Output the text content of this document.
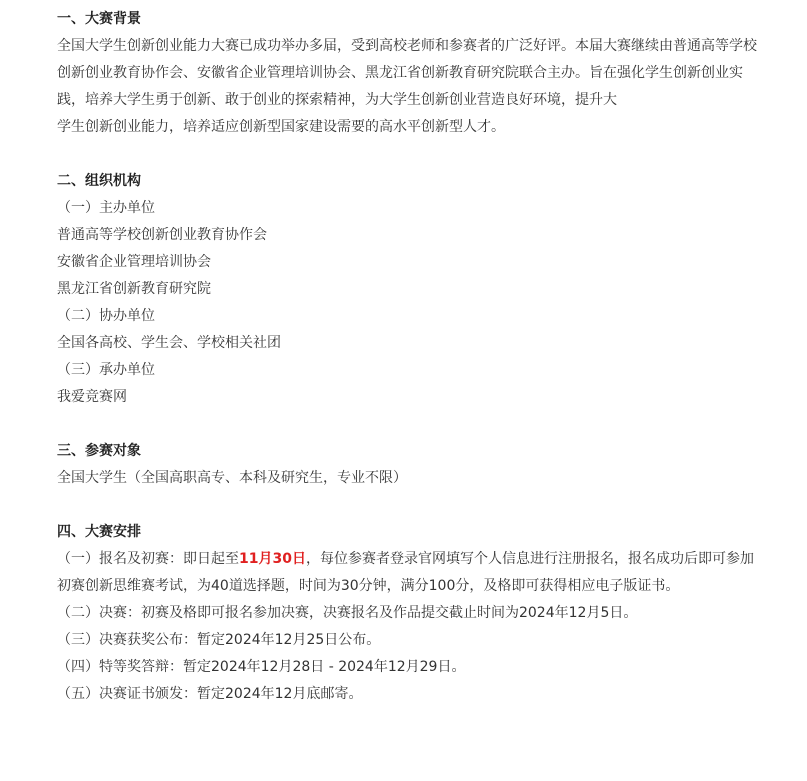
一、大赛背景

全国大学生创新创业能力大赛已成功举办多届，受到高校老师和参赛者的广泛好评。本届大赛继续由普通高等学校创新创业教育协作会、安徽省企业管理培训协会、黑龙江省创新教育研究院联合主办。旨在强化学生创新创业实践，培养大学生勇于创新、敢于创业的探索精神，为大学生创新创业营造良好环境，提升大

学生创新创业能力，培养适应创新型国家建设需要的高水平创新型人才。

二、组织机构
（一）主办单位
普通高等学校创新创业教育协作会
安徽省企业管理培训协会
黑龙江省创新教育研究院
（二）协办单位
全国各高校、学生会、学校相关社团
（三）承办单位
我爱竞赛网
三、参赛对象
全国大学生（全国高职高专、本科及研究生，专业不限）
四、大赛安排

（一）报名及初赛：即日起至11月30日，每位参赛者登录官网填写个人信息进行注册报名，报名成功后即可参加初赛创新思维赛考试，为40道选择题，时间为30分钟，满分100分，及格即可获得相应电子版证书。

（二）决赛：初赛及格即可报名参加决赛，决赛报名及作品提交截止时间为2024年12月5日。
（三）决赛获奖公布：暂定2024年12月25日公布。
（四）特等奖答辩：暂定2024年12月28日 - 2024年12月29日。
（五）决赛证书颁发：暂定2024年12月底邮寄。
